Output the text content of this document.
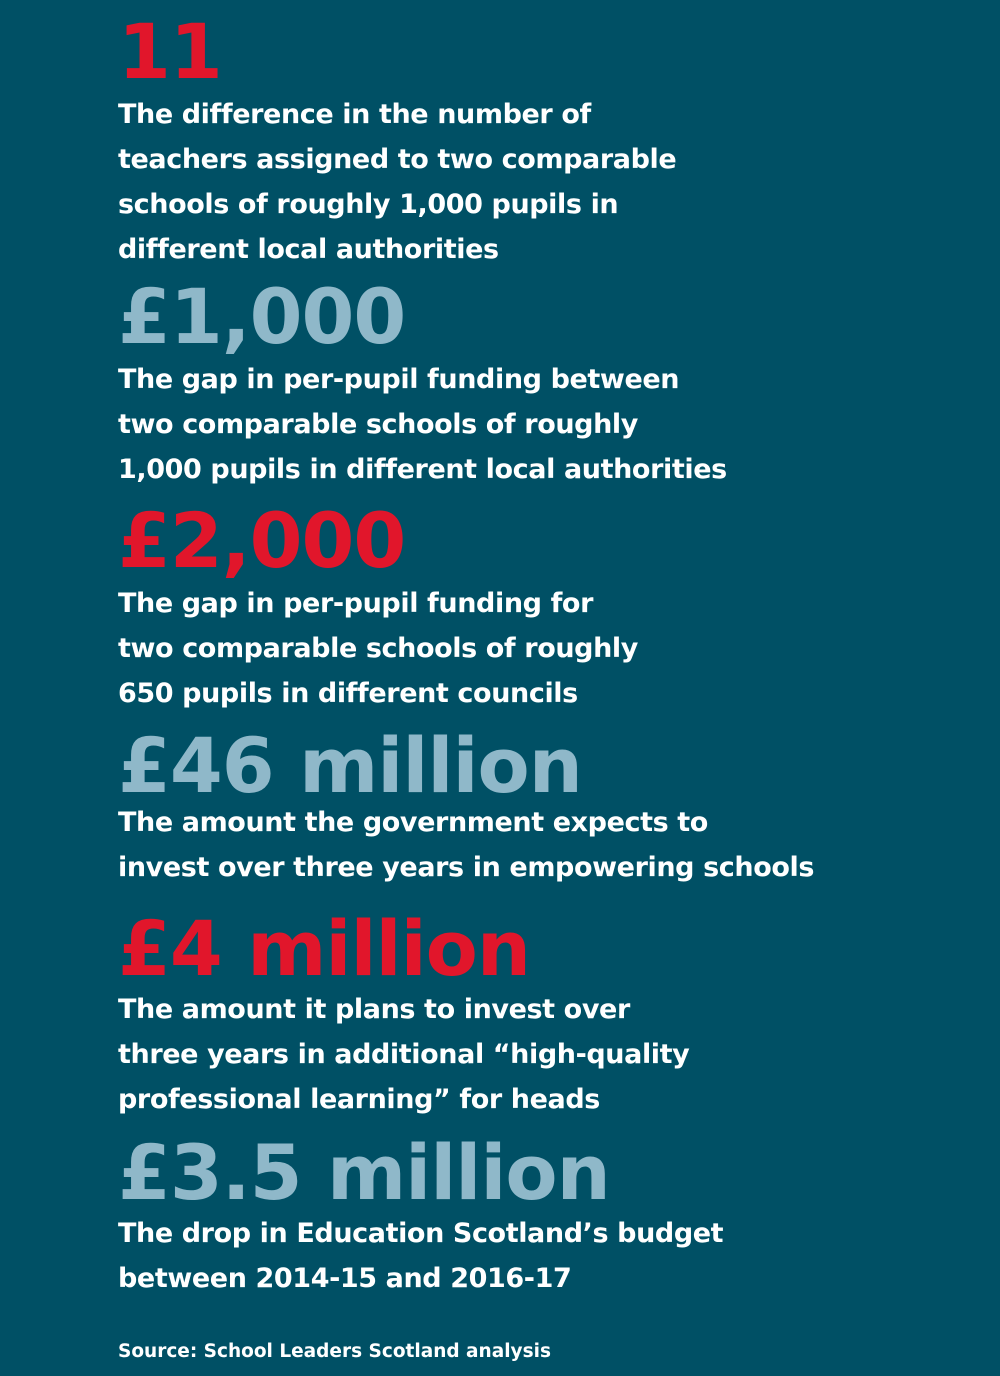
11
The difference in the number of
teachers assigned to two comparable
schools of roughly 1,000 pupils in
different local authorities
£1,000
The gap in per-pupil funding between
two comparable schools of roughly
1,000 pupils in different local authorities
£2,000
The gap in per-pupil funding for
two comparable schools of roughly
650 pupils in different councils
£46 million
The amount the government expects to
invest over three years in empowering schools
£4 million
The amount it plans to invest over
three years in additional “high-quality
professional learning” for heads
£3.5 million
The drop in Education Scotland’s budget
between 2014-15 and 2016-17
Source: School Leaders Scotland analysis
